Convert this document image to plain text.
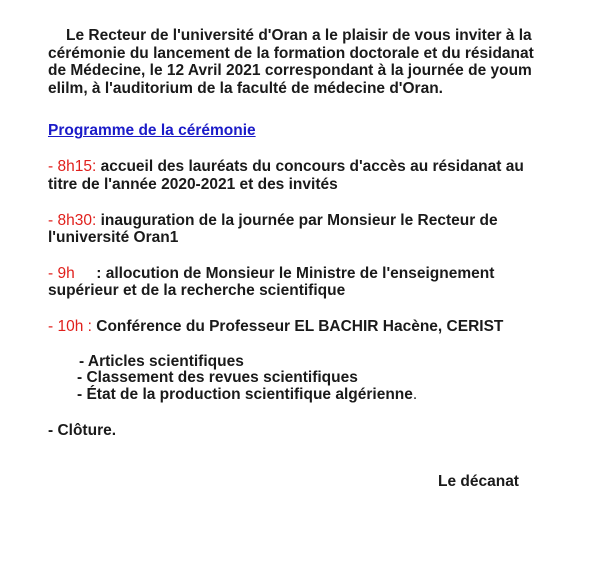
Le Recteur de l'université d'Oran a le plaisir de vous inviter à la cérémonie du lancement de la formation doctorale et du résidanat de Médecine, le 12 Avril 2021 correspondant à la journée de youm elilm, à l'auditorium de la faculté de médecine d'Oran.

Programme de la cérémonie
- 8h15: accueil des lauréats du concours d'accès au résidanat au titre de l'année 2020-2021 et des invités
- 8h30: inauguration de la journée par Monsieur le Recteur de l'université Oran1
- 9h     : allocution de Monsieur le Ministre de l'enseignement supérieur et de la recherche scientifique
- 10h : Conférence du Professeur EL BACHIR Hacène, CERIST
- Articles scientifiques
- Classement des revues scientifiques
- État de la production scientifique algérienne.
- Clôture.
Le décanat
